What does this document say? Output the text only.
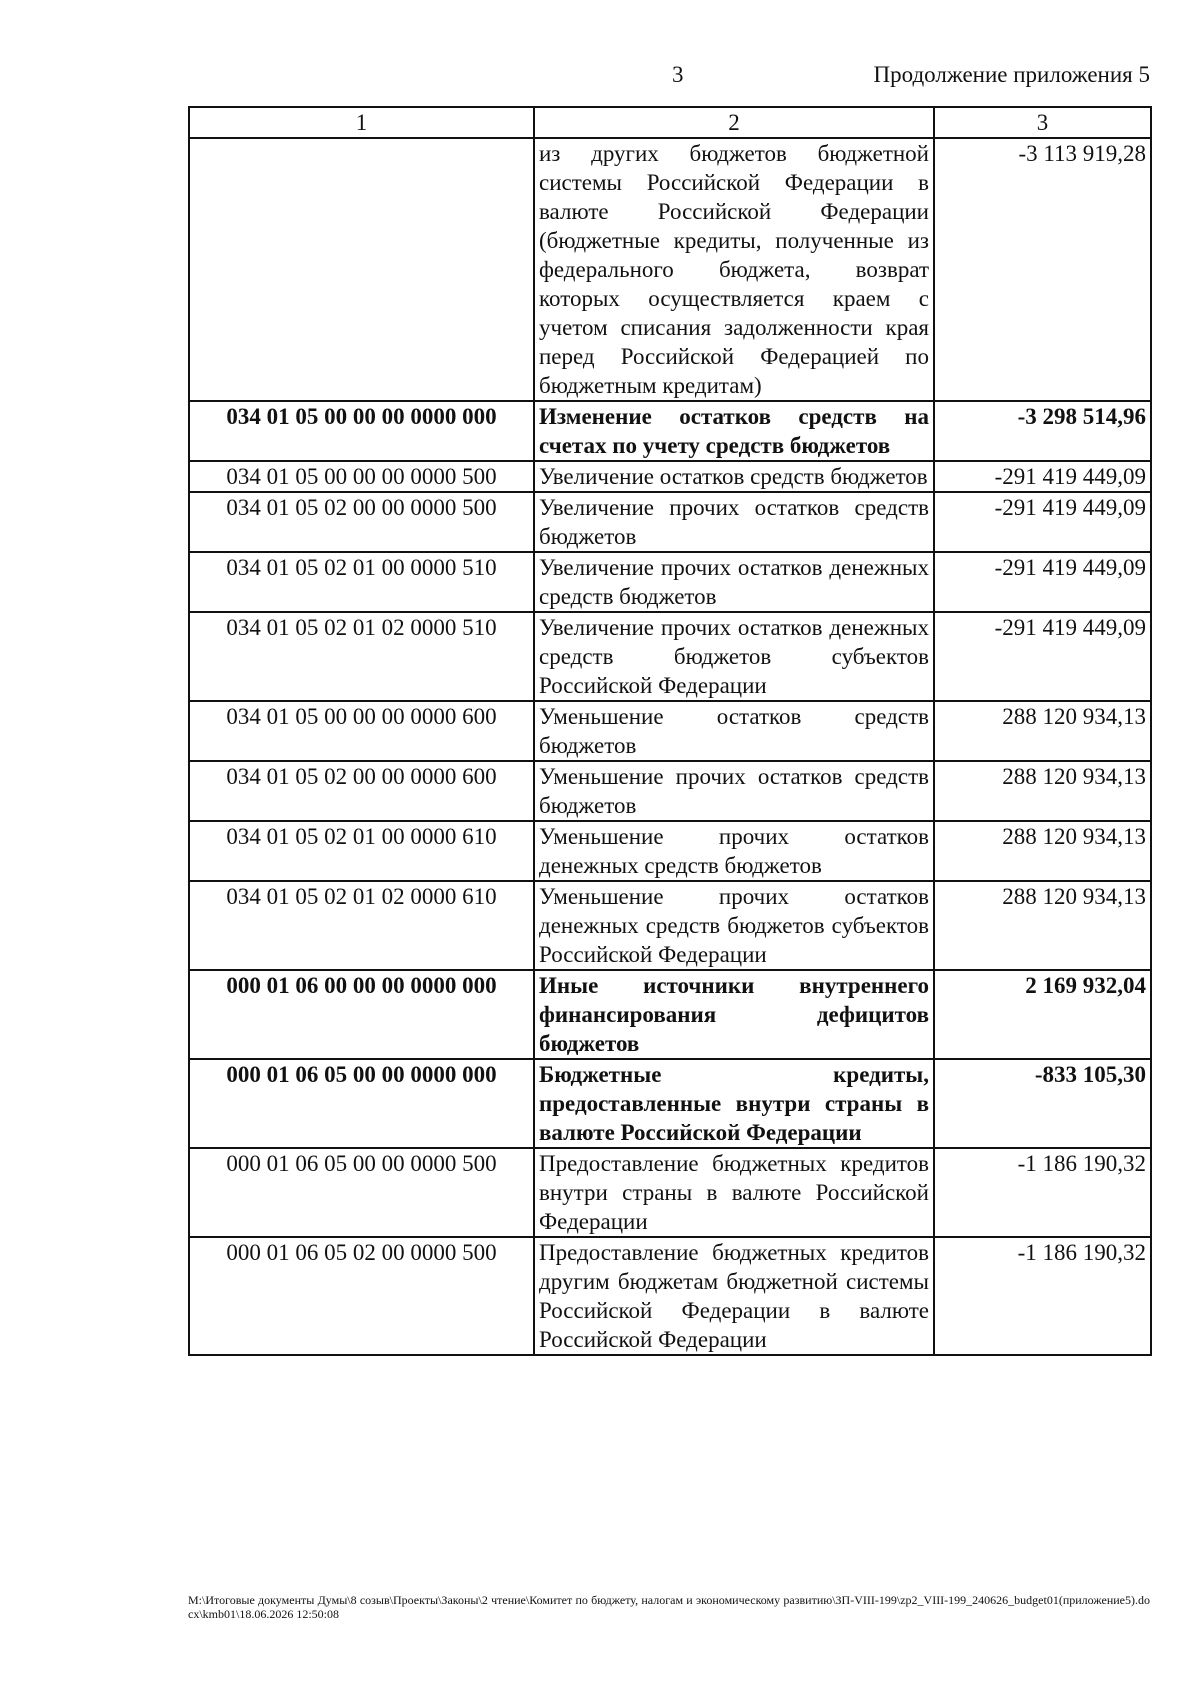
3	Продолжение приложения 5
1	2	3
	из других бюджетов бюджетной системы Российской Федерации в валюте Российской Федерации (бюджетные кредиты, полученные из федерального бюджета, возврат которых осуществляется краем с учетом списания задолженности края перед Российской Федерацией по бюджетным кредитам)	-3 113 919,28
034 01 05 00 00 00 0000 000	Изменение остатков средств на счетах по учету средств бюджетов	-3 298 514,96
034 01 05 00 00 00 0000 500	Увеличение остатков средств бюджетов	-291 419 449,09
034 01 05 02 00 00 0000 500	Увеличение прочих остатков средств бюджетов	-291 419 449,09
034 01 05 02 01 00 0000 510	Увеличение прочих остатков денежных средств бюджетов	-291 419 449,09
034 01 05 02 01 02 0000 510	Увеличение прочих остатков денежных средств бюджетов субъектов Российской Федерации	-291 419 449,09
034 01 05 00 00 00 0000 600	Уменьшение остатков средств бюджетов	288 120 934,13
034 01 05 02 00 00 0000 600	Уменьшение прочих остатков средств бюджетов	288 120 934,13
034 01 05 02 01 00 0000 610	Уменьшение прочих остатков денежных средств бюджетов	288 120 934,13
034 01 05 02 01 02 0000 610	Уменьшение прочих остатков денежных средств бюджетов субъектов Российской Федерации	288 120 934,13
000 01 06 00 00 00 0000 000	Иные источники внутреннего финансирования дефицитов бюджетов	2 169 932,04
000 01 06 05 00 00 0000 000	Бюджетные кредиты, предоставленные внутри страны в валюте Российской Федерации	-833 105,30
000 01 06 05 00 00 0000 500	Предоставление бюджетных кредитов внутри страны в валюте Российской Федерации	-1 186 190,32
000 01 06 05 02 00 0000 500	Предоставление бюджетных кредитов другим бюджетам бюджетной системы Российской Федерации в валюте Российской Федерации	-1 186 190,32
М:\Итоговые документы Думы\8 созыв\Проекты\Законы\2 чтение\Комитет по бюджету, налогам и экономическому развитию\ЗП-VIII-199\zp2_VIII-199_240626_budget01(приложение5).docx\kmb01\18.06.2026 12:50:08
